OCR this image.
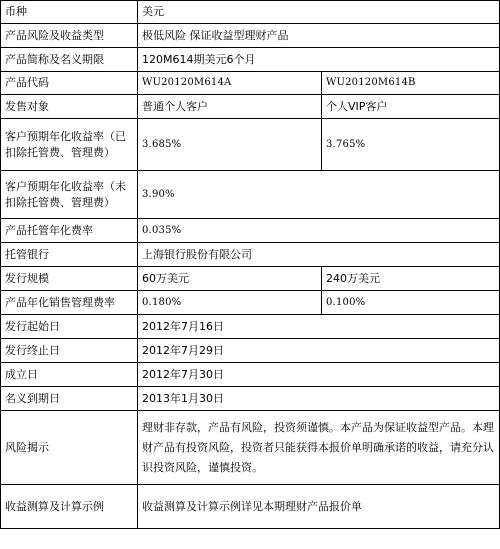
币种	美元	
产品风险及收益类型	极低风险 保证收益型理财产品	
产品简称及名义期限	120M614期美元6个月	
产品代码	WU20120M614A	WU20120M614B
发售对象	普通个人客户	个人VIP客户
客户预期年化收益率（已扣除托管费、管理费）	3.685%	3.765%
客户预期年化收益率（未扣除托管费、管理费）	3.90%	
产品托管年化费率	0.035%	
托管银行	上海银行股份有限公司	
发行规模	60万美元	240万美元
产品年化销售管理费率	0.180%	0.100%
发行起始日	2012年7月16日	
发行终止日	2012年7月29日	
成立日	2012年7月30日	
名义到期日	2013年1月30日	
风险揭示	理财非存款，产品有风险，投资须谨慎。本产品为保证收益型产品。本理财产品有投资风险，投资者只能获得本报价单明确承诺的收益，请充分认识投资风险，谨慎投资。	
收益测算及计算示例	收益测算及计算示例详见本期理财产品报价单	
